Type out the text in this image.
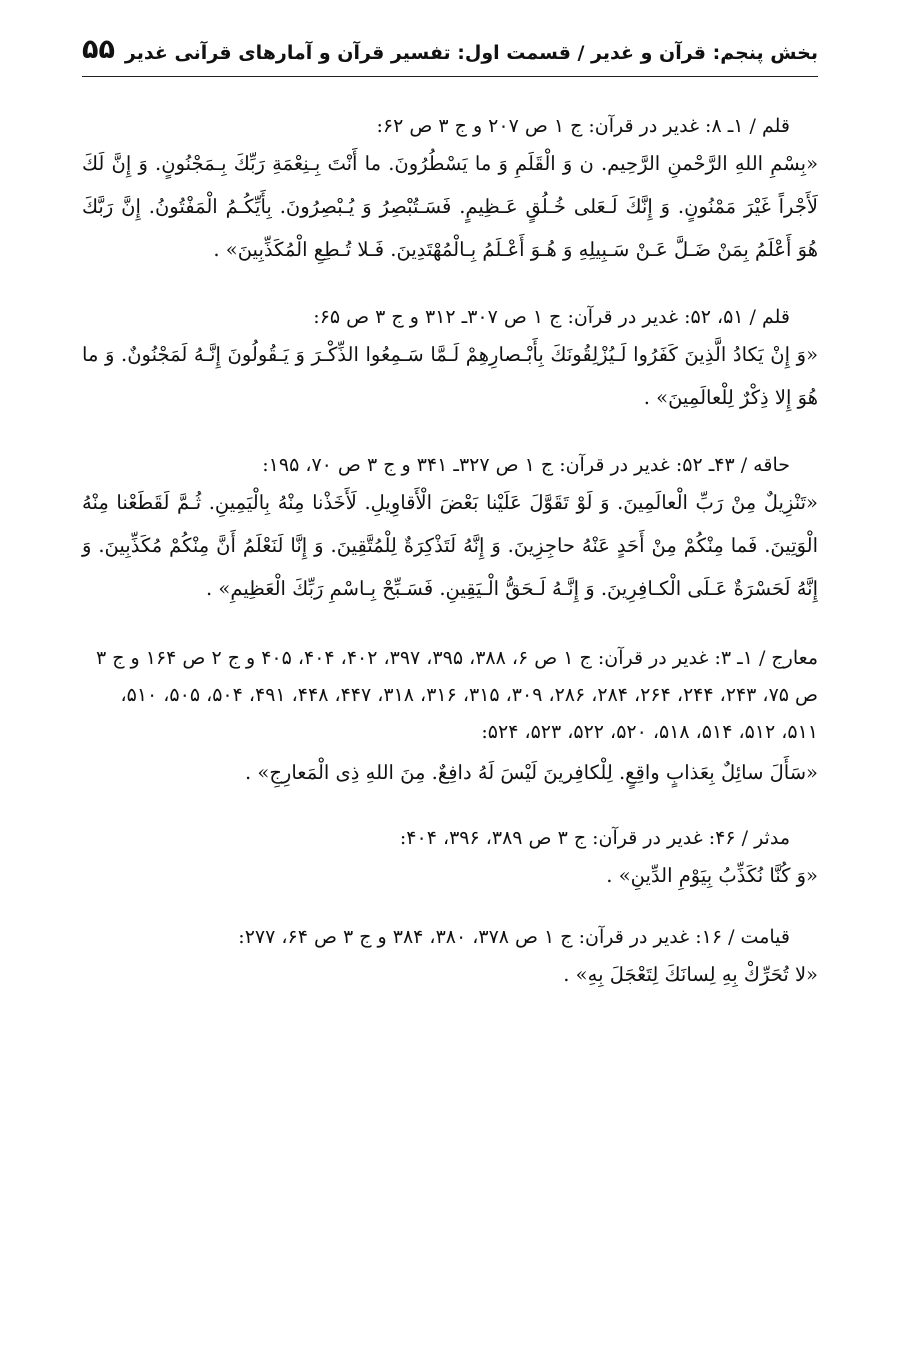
بخش پنجم: قرآن و غدیر / قسمت اول: تفسیر قرآن و آمارهای قرآنی غدیر
۵۵
قلم / ۱ـ ۸: غدیر در قرآن: ج ۱ ص ۲۰۷ و ج ۳ ص ۶۲:
«بِسْمِ اللهِ الرَّحْمنِ الرَّحِيم. ن وَ الْقَلَمِ وَ ما يَسْطُرُونَ. ما أَنْتَ بِـنِعْمَةِ رَبِّكَ بِـمَجْنُونٍ. وَ إِنَّ لَكَ لَأَجْراً غَيْرَ مَمْنُونٍ. وَ إِنَّكَ لَـعَلى خُـلُقٍ عَـظِيمٍ. فَسَـتُبْصِرُ وَ يُـبْصِرُونَ. بِأَيِّكُـمُ الْمَفْتُونُ. إِنَّ رَبَّكَ هُوَ أَعْلَمُ بِمَنْ ضَـلَّ عَـنْ سَـبِيلِهِ وَ هُـوَ أَعْـلَمُ بِـالْمُهْتَدِينَ. فَـلا تُـطِعِ الْمُكَذِّبِينَ» .
قلم / ۵۱، ۵۲: غدیر در قرآن: ج ۱ ص ۳۰۷ـ ۳۱۲ و ج ۳ ص ۶۵:
«وَ إِنْ يَكادُ الَّذِينَ كَفَرُوا لَـيُزْلِقُونَكَ بِأَبْـصارِهِمْ لَـمَّا سَـمِعُوا الذِّكْـرَ وَ يَـقُولُونَ إِنَّـهُ لَمَجْنُونٌ. وَ ما هُوَ إِلا ذِكْرٌ لِلْعالَمِينَ» .
حاقه / ۴۳ـ ۵۲: غدیر در قرآن: ج ۱ ص ۳۲۷ـ ۳۴۱ و ج ۳ ص ۷۰، ۱۹۵:
«تَنْزِيلٌ مِنْ رَبِّ الْعالَمِينَ. وَ لَوْ تَقَوَّلَ عَلَيْنا بَعْضَ الْأَقاوِيلِ. لَأَخَذْنا مِنْهُ بِالْيَمِينِ. ثُـمَّ لَقَطَعْنا مِنْهُ الْوَتِينَ. فَما مِنْكُمْ مِنْ أَحَدٍ عَنْهُ حاجِزِينَ. وَ إِنَّهُ لَتَذْكِرَةٌ لِلْمُتَّقِينَ. وَ إِنَّا لَنَعْلَمُ أَنَّ مِنْكُمْ مُكَذِّبِينَ. وَ إِنَّهُ لَحَسْرَةٌ عَـلَى الْكـافِرِينَ. وَ إِنَّـهُ لَـحَقُّ الْـيَقِينِ. فَسَـبِّحْ بِـاسْمِ رَبِّكَ الْعَظِيمِ» .
معارج / ۱ـ ۳: غدیر در قرآن: ج ۱ ص ۶، ۳۸۸، ۳۹۵، ۳۹۷، ۴۰۲، ۴۰۴، ۴۰۵ و ج ۲ ص ۱۶۴ و ج ۳ ص ۷۵، ۲۴۳، ۲۴۴، ۲۶۴، ۲۸۴، ۲۸۶، ۳۰۹، ۳۱۵، ۳۱۶، ۳۱۸، ۴۴۷، ۴۴۸، ۴۹۱، ۵۰۴، ۵۰۵، ۵۱۰، ۵۱۱، ۵۱۲، ۵۱۴، ۵۱۸، ۵۲۰، ۵۲۲، ۵۲۳، ۵۲۴:
«سَأَلَ سائِلٌ بِعَذابٍ واقِعٍ. لِلْكافِرينَ لَيْسَ لَهُ دافِعٌ. مِنَ اللهِ ذِى الْمَعارِجِ» .
مدثر / ۴۶: غدیر در قرآن: ج ۳ ص ۳۸۹، ۳۹۶، ۴۰۴:
«وَ كُنَّا نُكَذِّبُ بِيَوْمِ الدِّينِ» .
قیامت / ۱۶: غدیر در قرآن: ج ۱ ص ۳۷۸، ۳۸۰، ۳۸۴ و ج ۳ ص ۶۴، ۲۷۷:
«لا تُحَرِّكْ بِهِ لِسانَكَ لِتَعْجَلَ بِهِ» .
